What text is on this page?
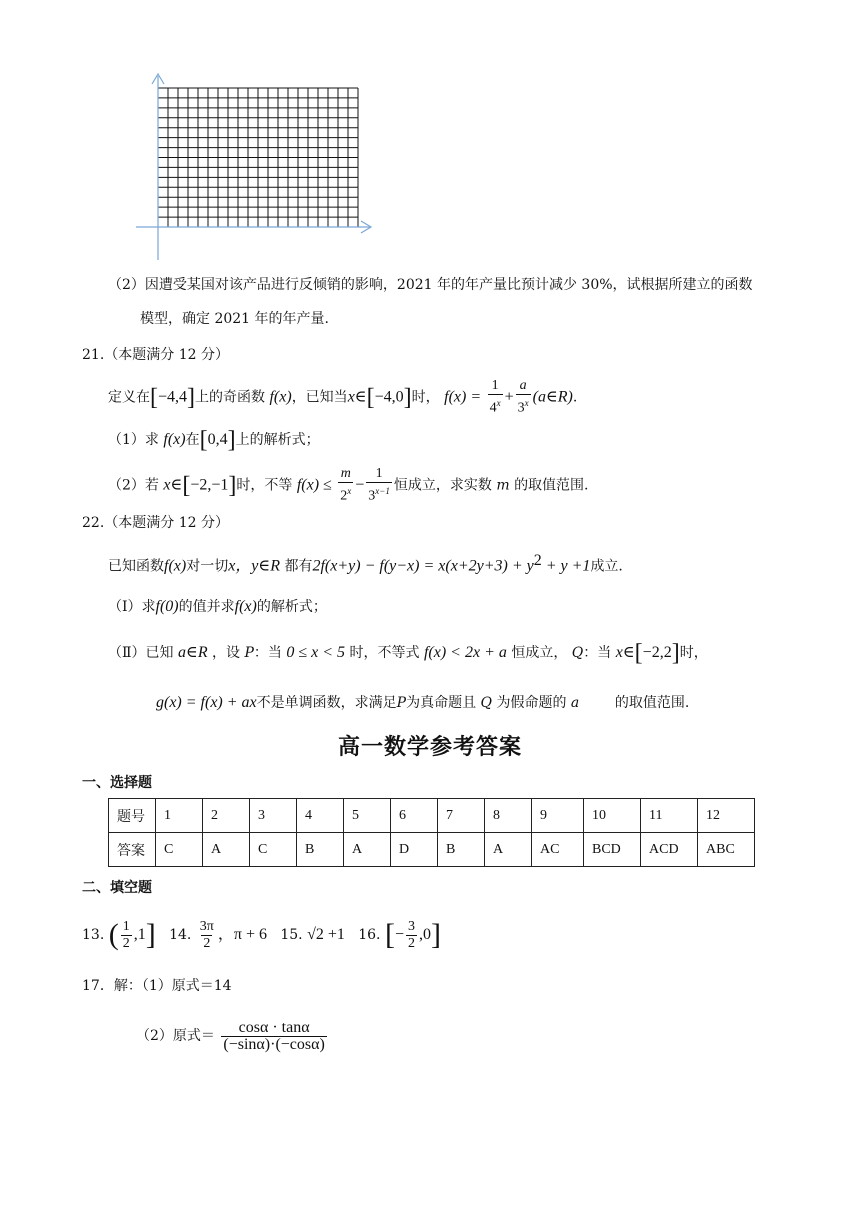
（2）因遭受某国对该产品进行反倾销的影响，2021 年的年产量比预计减少 30%，试根据所建立的函数
模型，确定 2021 年的年产量.
21.（本题满分 12 分）
定义在[−4,4]上的奇函数 f(x)，已知当x∈[−4,0]时， $f(x) = \frac{1}{4^x} + \frac{a}{3^x}$ (a∈R).
（1）求 f(x)在[0,4]上的解析式；
（2）若 x∈[−2,−1]时，不等 $f(x) \le \frac{m}{2^x} - \frac{1}{3^{x-1}}$ 恒成立，求实数 m 的取值范围.
22.（本题满分 12 分）
已知函数f(x)对一切x，y∈R 都有$2f(x+y) - f(y-x) = x(x+2y+3) + y^2 + y +1$成立.
（Ⅰ）求f(0)的值并求f(x)的解析式；
（Ⅱ）已知 a∈R ，设 P：当 0 ≤ x < 5 时，不等式 f(x) < 2x + a 恒成立， Q：当 x∈[−2,2]时，
g(x) = f(x) + ax不是单调函数，求满足P为真命题且 Q 为假命题的 a	的取值范围.
高一数学参考答案
一、选择题
题号	1	2	3	4	5	6	7	8	9	10	11	12
答案	C	A	C	B	A	D	B	A	AC	BCD	ACD	ABC
二、填空题
13. ( $\frac{1}{2} ,1$] 14. $\frac{3\pi}{2}$ ，π + 6 15. √2 +1 16. [− $\frac{3}{2} ,0$]
17．解：（1）原式＝14
（2）原式＝ $\frac{\cos\alpha \cdot \tan\alpha}{(-\sin\alpha)\cdot(-\cos\alpha)}$
